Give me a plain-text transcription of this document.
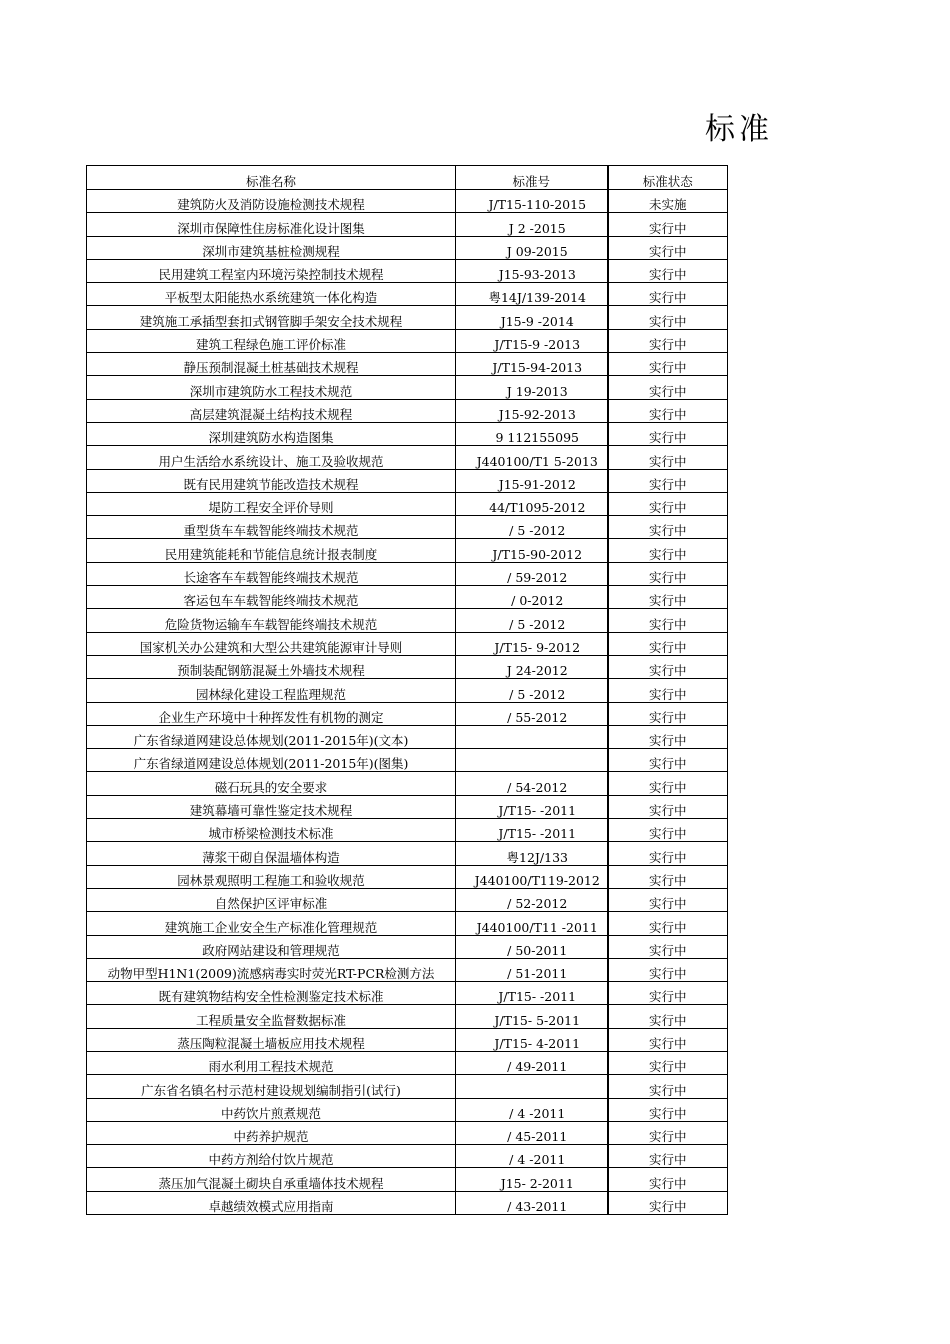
标准
标准名称	标准号	标准状态
建筑防火及消防设施检测技术规程	J/T15-110-2015	未实施
深圳市保障性住房标准化设计图集	J 2 -2015	实行中
深圳市建筑基桩检测规程	J 09-2015	实行中
民用建筑工程室内环境污染控制技术规程	J15-93-2013	实行中
平板型太阳能热水系统建筑一体化构造	粤14J/139-2014	实行中
建筑施工承插型套扣式钢管脚手架安全技术规程	J15-9 -2014	实行中
建筑工程绿色施工评价标准	J/T15-9 -2013	实行中
静压预制混凝土桩基础技术规程	J/T15-94-2013	实行中
深圳市建筑防水工程技术规范	J 19-2013	实行中
高层建筑混凝土结构技术规程	J15-92-2013	实行中
深圳建筑防水构造图集	9 112155095	实行中
用户生活给水系统设计、施工及验收规范	J440100/T1 5-2013	实行中
既有民用建筑节能改造技术规程	J15-91-2012	实行中
堤防工程安全评价导则	44/T1095-2012	实行中
重型货车车载智能终端技术规范	/ 5 -2012	实行中
民用建筑能耗和节能信息统计报表制度	J/T15-90-2012	实行中
长途客车车载智能终端技术规范	/ 59-2012	实行中
客运包车车载智能终端技术规范	/ 0-2012	实行中
危险货物运输车车载智能终端技术规范	/ 5 -2012	实行中
国家机关办公建筑和大型公共建筑能源审计导则	J/T15- 9-2012	实行中
预制装配钢筋混凝土外墙技术规程	J 24-2012	实行中
园林绿化建设工程监理规范	/ 5 -2012	实行中
企业生产环境中十种挥发性有机物的测定	/ 55-2012	实行中
广东省绿道网建设总体规划(2011-2015年)(文本)		实行中
广东省绿道网建设总体规划(2011-2015年)(图集)		实行中
磁石玩具的安全要求	/ 54-2012	实行中
建筑幕墙可靠性鉴定技术规程	J/T15- -2011	实行中
城市桥梁检测技术标准	J/T15- -2011	实行中
薄浆干砌自保温墙体构造	粤12J/133	实行中
园林景观照明工程施工和验收规范	J440100/T119-2012	实行中
自然保护区评审标准	/ 52-2012	实行中
建筑施工企业安全生产标准化管理规范	J440100/T11 -2011	实行中
政府网站建设和管理规范	/ 50-2011	实行中
动物甲型H1N1(2009)流感病毒实时荧光RT-PCR检测方法	/ 51-2011	实行中
既有建筑物结构安全性检测鉴定技术标准	J/T15- -2011	实行中
工程质量安全监督数据标准	J/T15- 5-2011	实行中
蒸压陶粒混凝土墙板应用技术规程	J/T15- 4-2011	实行中
雨水利用工程技术规范	/ 49-2011	实行中
广东省名镇名村示范村建设规划编制指引(试行)		实行中
中药饮片煎煮规范	/ 4 -2011	实行中
中药养护规范	/ 45-2011	实行中
中药方剂给付饮片规范	/ 4 -2011	实行中
蒸压加气混凝土砌块自承重墙体技术规程	J15- 2-2011	实行中
卓越绩效模式应用指南	/ 43-2011	实行中
